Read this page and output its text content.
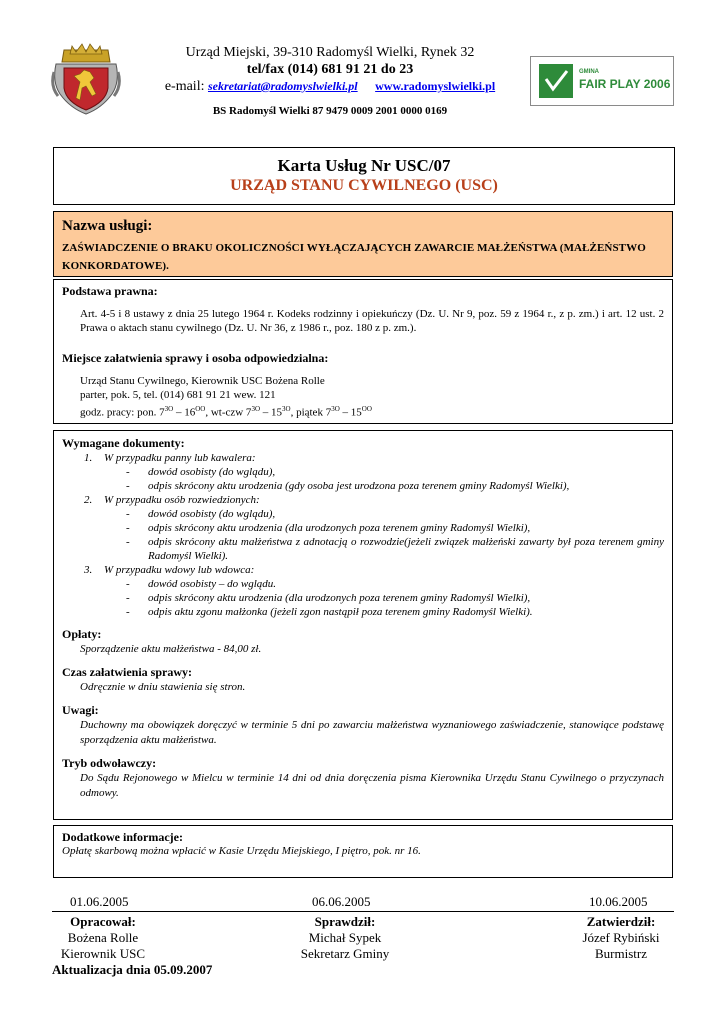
Urząd Miejski, 39-310 Radomyśl Wielki, Rynek 32
tel/fax (014) 681 91 21 do 23
e-mail: sekretariat@radomyslwielki.pl www.radomyslwielki.pl
BS Radomyśl Wielki 87 9479 0009 2001 0000 0169
GMINA
FAIR PLAY 2006
Karta Usług Nr USC/07
URZĄD STANU CYWILNEGO (USC)
Nazwa usługi:
ZAŚWIADCZENIE O BRAKU OKOLICZNOŚCI WYŁĄCZAJĄCYCH ZAWARCIE MAŁŻEŃSTWA (MAŁŻEŃSTWO KONKORDATOWE).
Podstawa prawna:
Art. 4-5 i 8 ustawy z dnia 25 lutego 1964 r. Kodeks rodzinny i opiekuńczy (Dz. U. Nr 9, poz. 59 z 1964 r., z p. zm.) i art. 12 ust. 2 Prawa o aktach stanu cywilnego (Dz. U. Nr 36, z 1986 r., poz. 180 z p. zm.).
Miejsce załatwienia sprawy i osoba odpowiedzialna:
Urząd Stanu Cywilnego, Kierownik USC Bożena Rolle
parter, pok. 5, tel. (014) 681 91 21 wew. 121
godz. pracy: pon. $7^{3O} - 16^{OO}$, wt-czw $7^{3O} - 15^{3O}$, piątek $7^{3O} - 15^{OO}$
Wymagane dokumenty:
1. W przypadku panny lub kawalera:
- dowód osobisty (do wglądu),
- odpis skrócony aktu urodzenia (gdy osoba jest urodzona poza terenem gminy Radomyśl Wielki),
2. W przypadku osób rozwiedzionych:
- dowód osobisty (do wglądu),
- odpis skrócony aktu urodzenia (dla urodzonych poza terenem gminy Radomyśl Wielki),
- odpis skrócony aktu małżeństwa z adnotacją o rozwodzie(jeżeli związek małżeński zawarty był poza terenem gminy Radomyśl Wielki).
3. W przypadku wdowy lub wdowca:
- dowód osobisty – do wglądu.
- odpis skrócony aktu urodzenia (dla urodzonych poza terenem gminy Radomyśl Wielki),
- odpis aktu zgonu małżonka (jeżeli zgon nastąpił poza terenem gminy Radomyśl Wielki).
Opłaty:
Sporządzenie aktu małżeństwa - 84,00 zł.
Czas załatwienia sprawy:
Odręcznie w dniu stawienia się stron.
Uwagi:
Duchowny ma obowiązek doręczyć w terminie 5 dni po zawarciu małżeństwa wyznaniowego zaświadczenie, stanowiące podstawę sporządzenia aktu małżeństwa.
Tryb odwoławczy:
Do Sądu Rejonowego w Mielcu w terminie 14 dni od dnia doręczenia pisma Kierownika Urzędu Stanu Cywilnego o przyczynach odmowy.
Dodatkowe informacje:
Opłatę skarbową można wpłacić w Kasie Urzędu Miejskiego, I piętro, pok. nr 16.
01.06.2005	06.06.2005	10.06.2005
Opracował:
Bożena Rolle
Kierownik USC
Sprawdził:
Michał Sypek
Sekretarz Gminy
Zatwierdził:
Józef Rybiński
Burmistrz
Aktualizacja dnia 05.09.2007
